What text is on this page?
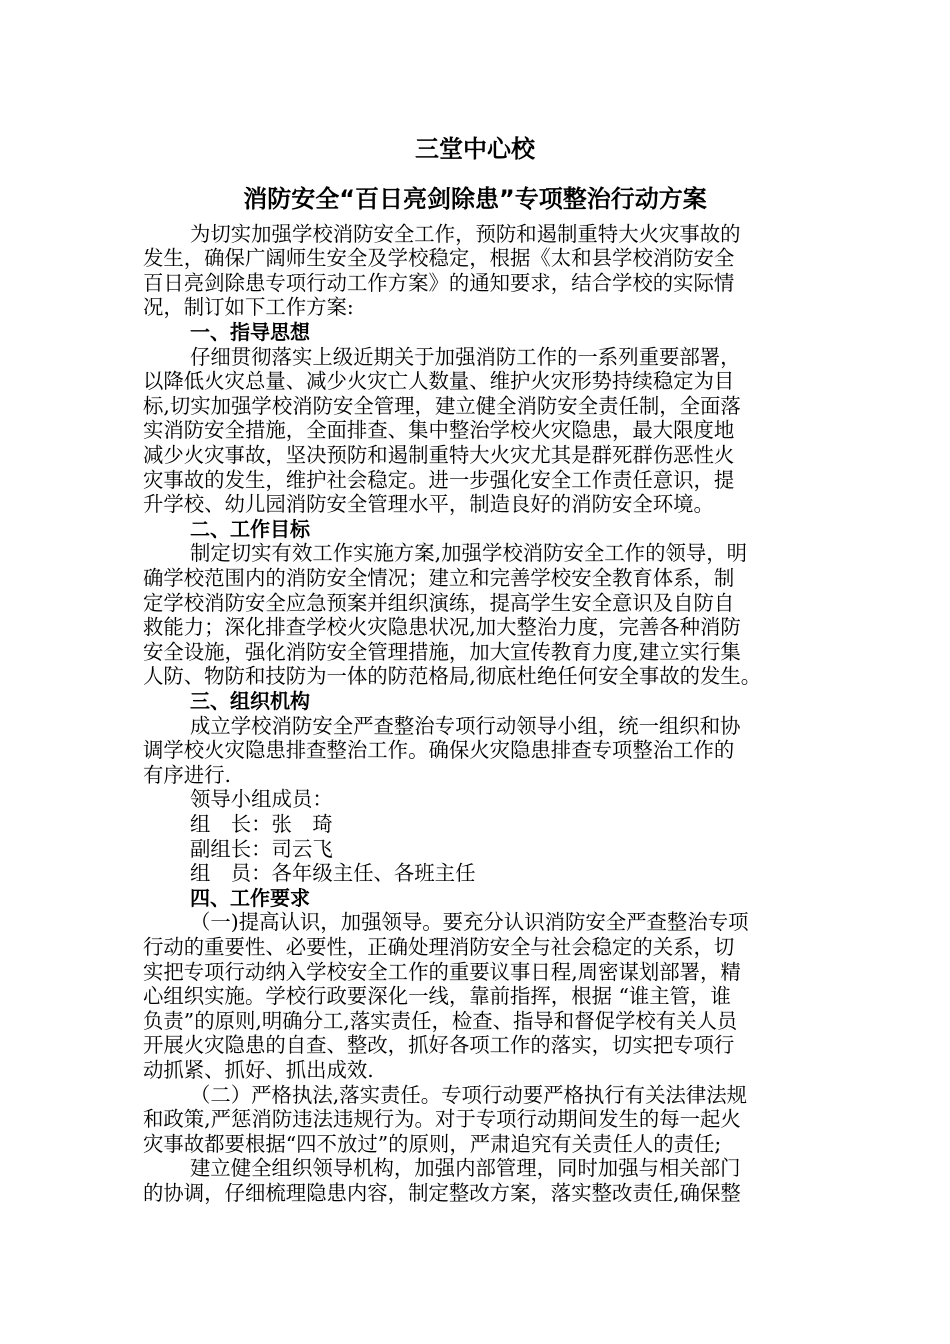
三堂中心校
消防安全“百日亮剑除患”专项整治行动方案
为切实加强学校消防安全工作，预防和遏制重特大火灾事故的
发生，确保广阔师生安全及学校稳定，根据《太和县学校消防安全
百日亮剑除患专项行动工作方案》的通知要求，结合学校的实际情
况，制订如下工作方案:
一、指导思想
仔细贯彻落实上级近期关于加强消防工作的一系列重要部署，
以降低火灾总量、减少火灾亡人数量、维护火灾形势持续稳定为目
标,切实加强学校消防安全管理，建立健全消防安全责任制，全面落
实消防安全措施，全面排查、集中整治学校火灾隐患，最大限度地
减少火灾事故，坚决预防和遏制重特大火灾尤其是群死群伤恶性火
灾事故的发生，维护社会稳定。进一步强化安全工作责任意识，提
升学校、幼儿园消防安全管理水平，制造良好的消防安全环境。
二、工作目标
制定切实有效工作实施方案,加强学校消防安全工作的领导，明
确学校范围内的消防安全情况；建立和完善学校安全教育体系，制
定学校消防安全应急预案并组织演练，提高学生安全意识及自防自
救能力；深化排查学校火灾隐患状况,加大整治力度，完善各种消防
安全设施，强化消防安全管理措施，加大宣传教育力度,建立实行集
人防、物防和技防为一体的防范格局,彻底杜绝任何安全事故的发生。
三、组织机构
成立学校消防安全严查整治专项行动领导小组，统一组织和协
调学校火灾隐患排查整治工作。确保火灾隐患排查专项整治工作的
有序进行.
领导小组成员：
组　长：张　琦
副组长：司云飞
组　员：各年级主任、各班主任
四、工作要求
（一)提高认识，加强领导。要充分认识消防安全严查整治专项
行动的重要性、必要性，正确处理消防安全与社会稳定的关系，切
实把专项行动纳入学校安全工作的重要议事日程,周密谋划部署，精
心组织实施。学校行政要深化一线，靠前指挥，根据 “谁主管，谁
负责”的原则,明确分工,落实责任，检查、指导和督促学校有关人员
开展火灾隐患的自查、整改，抓好各项工作的落实，切实把专项行
动抓紧、抓好、抓出成效.
（二）严格执法,落实责任。专项行动要严格执行有关法律法规
和政策,严惩消防违法违规行为。对于专项行动期间发生的每一起火
灾事故都要根据“四不放过”的原则，严肃追究有关责任人的责任;
建立健全组织领导机构，加强内部管理，同时加强与相关部门
的协调，仔细梳理隐患内容，制定整改方案，落实整改责任,确保整
